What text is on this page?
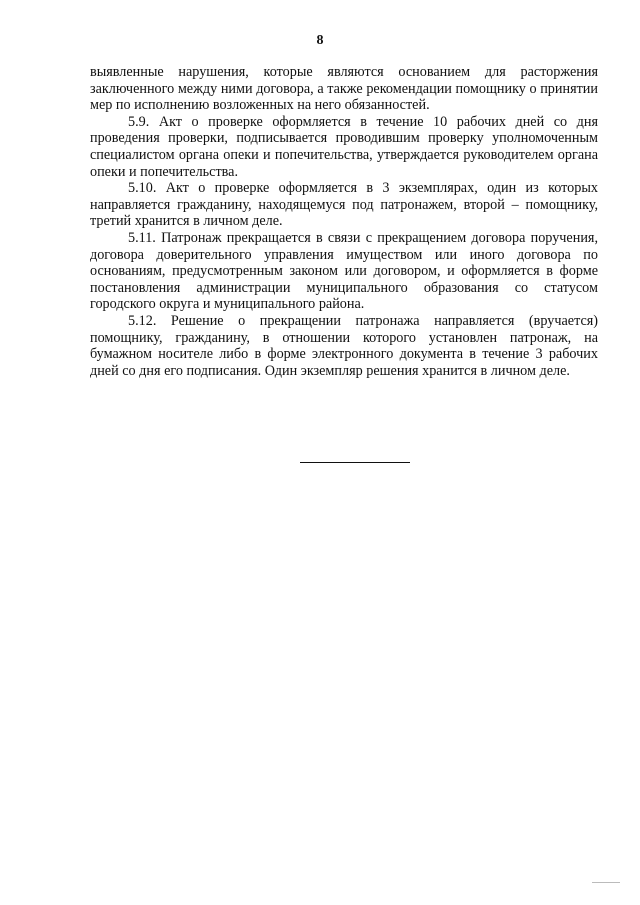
8

выявленные нарушения, которые являются основанием для расторжения заключенного между ними договора, а также рекомендации помощнику о принятии мер по исполнению возложенных на него обязанностей.

5.9. Акт о проверке оформляется в течение 10 рабочих дней со дня проведения проверки, подписывается проводившим проверку уполномоченным специалистом органа опеки и попечительства, утверждается руководителем органа опеки и попечительства.

5.10. Акт о проверке оформляется в 3 экземплярах, один из которых направляется гражданину, находящемуся под патронажем, второй – помощнику, третий хранится в личном деле.

5.11. Патронаж прекращается в связи с прекращением договора поручения, договора доверительного управления имуществом или иного договора по основаниям, предусмотренным законом или договором, и оформляется в форме постановления администрации муниципального образования со статусом городского округа и муниципального района.

5.12. Решение о прекращении патронажа направляется (вручается) помощнику, гражданину, в отношении которого установлен патронаж, на бумажном носителе либо в форме электронного документа в течение 3 рабочих дней со дня его подписания. Один экземпляр решения хранится в личном деле.
